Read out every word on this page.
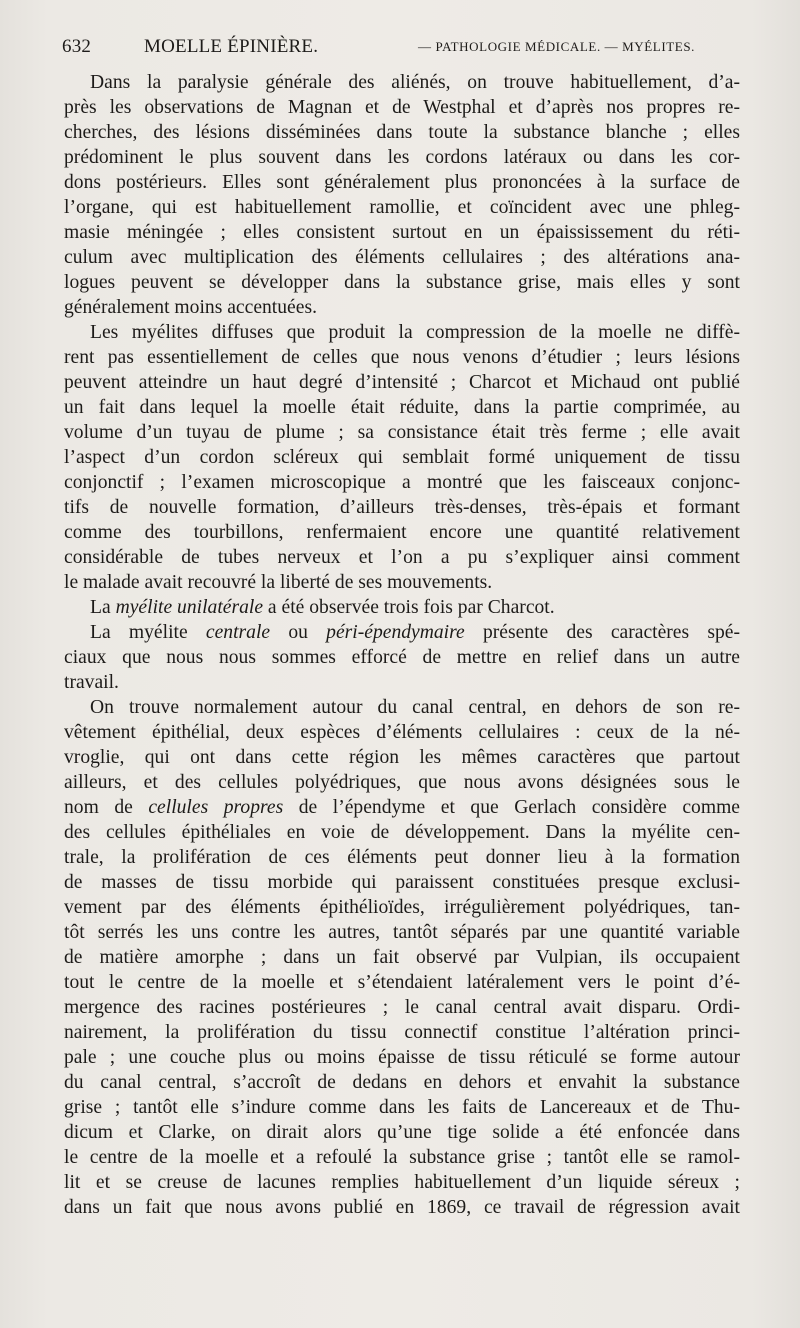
632	MOELLE ÉPINIÈRE.	— PATHOLOGIE MÉDICALE. — MYÉLITES.
Dans la paralysie générale des aliénés, on trouve habituellement, d’a-
près les observations de Magnan et de Westphal et d’après nos propres re-
cherches, des lésions disséminées dans toute la substance blanche ; elles
prédominent le plus souvent dans les cordons latéraux ou dans les cor-
dons postérieurs. Elles sont généralement plus prononcées à la surface de
l’organe, qui est habituellement ramollie, et coïncident avec une phleg-
masie méningée ; elles consistent surtout en un épaississement du réti-
culum avec multiplication des éléments cellulaires ; des altérations ana-
logues peuvent se développer dans la substance grise, mais elles y sont
généralement moins accentuées.
Les myélites diffuses que produit la compression de la moelle ne diffè-
rent pas essentiellement de celles que nous venons d’étudier ; leurs lésions
peuvent atteindre un haut degré d’intensité ; Charcot et Michaud ont publié
un fait dans lequel la moelle était réduite, dans la partie comprimée, au
volume d’un tuyau de plume ; sa consistance était très ferme ; elle avait
l’aspect d’un cordon scléreux qui semblait formé uniquement de tissu
conjonctif ; l’examen microscopique a montré que les faisceaux conjonc-
tifs de nouvelle formation, d’ailleurs très-denses, très-épais et formant
comme des tourbillons, renfermaient encore une quantité relativement
considérable de tubes nerveux et l’on a pu s’expliquer ainsi comment
le malade avait recouvré la liberté de ses mouvements.
La myélite unilatérale a été observée trois fois par Charcot.
La myélite centrale ou péri-épendymaire présente des caractères spé-
ciaux que nous nous sommes efforcé de mettre en relief dans un autre
travail.
On trouve normalement autour du canal central, en dehors de son re-
vêtement épithélial, deux espèces d’éléments cellulaires : ceux de la né-
vroglie, qui ont dans cette région les mêmes caractères que partout
ailleurs, et des cellules polyédriques, que nous avons désignées sous le
nom de cellules propres de l’épendyme et que Gerlach considère comme
des cellules épithéliales en voie de développement. Dans la myélite cen-
trale, la prolifération de ces éléments peut donner lieu à la formation
de masses de tissu morbide qui paraissent constituées presque exclusi-
vement par des éléments épithélioïdes, irrégulièrement polyédriques, tan-
tôt serrés les uns contre les autres, tantôt séparés par une quantité variable
de matière amorphe ; dans un fait observé par Vulpian, ils occupaient
tout le centre de la moelle et s’étendaient latéralement vers le point d’é-
mergence des racines postérieures ; le canal central avait disparu. Ordi-
nairement, la prolifération du tissu connectif constitue l’altération princi-
pale ; une couche plus ou moins épaisse de tissu réticulé se forme autour
du canal central, s’accroît de dedans en dehors et envahit la substance
grise ; tantôt elle s’indure comme dans les faits de Lancereaux et de Thu-
dicum et Clarke, on dirait alors qu’une tige solide a été enfoncée dans
le centre de la moelle et a refoulé la substance grise ; tantôt elle se ramol-
lit et se creuse de lacunes remplies habituellement d’un liquide séreux ;
dans un fait que nous avons publié en 1869, ce travail de régression avait
